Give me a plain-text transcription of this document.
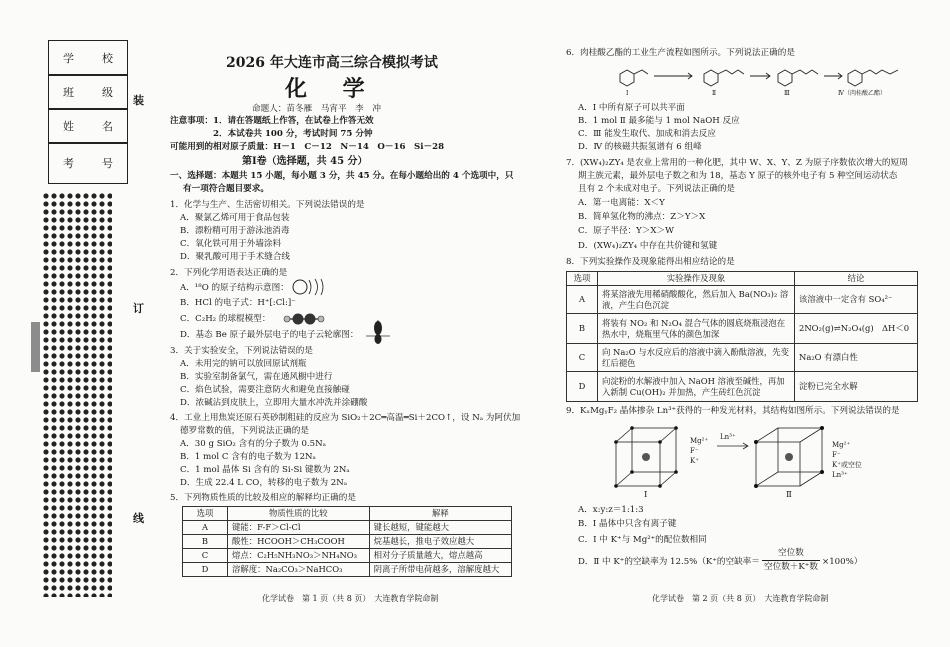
学	校
班	级
姓	名
考	号
装
订
线
2026 年大连市高三综合模拟考试
化 学
命题人：苗冬雁　马宵平　李　冲
注意事项：1．请在答题纸上作答，在试卷上作答无效
2．本试卷共 100 分，考试时间 75 分钟
可能用到的相对原子质量：H－1　C－12　N－14　O－16　Si－28
第Ⅰ卷（选择题，共 45 分）
一、选择题：本题共 15 小题，每小题 3 分，共 45 分。在每小题给出的 4 个选项中，只
有一项符合题目要求。
1．化学与生产、生活密切相关。下列说法错误的是
A．聚氯乙烯可用于食品包装
B．漂粉精可用于游泳池消毒
C．氧化铁可用于外墙涂料
D．聚乳酸可用于手术缝合线
2．下列化学用语表达正确的是
A．¹⁸O 的原子结构示意图：
B．HCl 的电子式：H⁺[:Cl:]⁻
C．C₂H₂ 的球棍模型：
D．基态 Be 原子最外层电子的电子云轮廓图：
3．关于实验安全，下列说法错误的是
A．未用完的钠可以放回原试剂瓶
B．实验室制备氯气，需在通风橱中进行
C．焰色试验，需要注意防火和避免直接触碰
D．浓碱沾到皮肤上，立即用大量水冲洗并涂硼酸
4．工业上用焦炭还原石英砂制粗硅的反应为 SiO₂＋2C═高温═Si＋2CO↑，设 Nₐ 为阿伏加
德罗常数的值，下列说法正确的是
A．30 g SiO₂ 含有的分子数为 0.5Nₐ
B．1 mol C 含有的电子数为 12Nₐ
C．1 mol 晶体 Si 含有的 Si-Si 键数为 2Nₐ
D．生成 22.4 L CO，转移的电子数为 2Nₐ
5．下列物质性质的比较及相应的解释均正确的是
选项	物质性质的比较	解释
A	键能：F-F＞Cl-Cl	键长越短，键能越大
B	酸性：HCOOH＞CH₃COOH	烷基越长，推电子效应越大
C	熔点：C₂H₅NH₃NO₃＞NH₄NO₃	相对分子质量越大，熔点越高
D	溶解度：Na₂CO₃＞NaHCO₃	阴离子所带电荷越多，溶解度越大
化学试卷　第 1 页（共 8 页）　大连教育学院命制
6．肉桂酸乙酯的工业生产流程如图所示。下列说法正确的是
Ⅰ	Ⅱ	Ⅲ	Ⅳ（肉桂酸乙酯）
A．Ⅰ 中所有原子可以共平面
B．1 mol Ⅱ 最多能与 1 mol NaOH 反应
C．Ⅲ 能发生取代、加成和消去反应
D．Ⅳ 的核磁共振氢谱有 6 组峰
7．(XW₄)₂ZY₄ 是农业上常用的一种化肥，其中 W、X、Y、Z 为原子序数依次增大的短周
期主族元素，最外层电子数之和为 18，基态 Y 原子的核外电子有 5 种空间运动状态
且有 2 个未成对电子。下列说法正确的是
A．第一电离能：X＜Y
B．简单氢化物的沸点：Z＞Y＞X
C．原子半径：Y＞X＞W
D．(XW₄)₂ZY₄ 中存在共价键和氢键
8．下列实验操作及现象能得出相应结论的是
选项	实验操作及现象	结论
A	将某溶液先用稀硝酸酸化，然后加入 Ba(NO₃)₂ 溶液，产生白色沉淀	该溶液中一定含有 SO₄²⁻
B	将装有 NO₂ 和 N₂O₄ 混合气体的圆底烧瓶浸泡在热水中，烧瓶里气体的颜色加深	2NO₂(g)⇌N₂O₄(g)　ΔH＜0
C	向 Na₂O 与水反应后的溶液中滴入酚酞溶液，先变红后褪色	Na₂O 有漂白性
D	向淀粉的水解液中加入 NaOH 溶液至碱性，再加入新制 Cu(OH)₂ 并加热，产生砖红色沉淀	淀粉已完全水解
9．KₓMgᵧF₂ 晶体掺杂 Ln³⁺获得的一种发光材料，其结构如图所示。下列说法错误的是
Mg²⁺
F⁻
K⁺
Ln³⁺
Mg²⁺
F⁻
K⁺或空位
Ln³⁺
Ⅰ	Ⅱ
A．x:y:z＝1:1:3
B．Ⅰ 晶体中只含有离子键
C．Ⅰ 中 K⁺与 Mg²⁺的配位数相同
D．Ⅱ 中 K⁺的空缺率为 12.5%（K⁺的空缺率＝
空位数
空位数＋K⁺数 ×100%）
化学试卷　第 2 页（共 8 页）　大连教育学院命制
